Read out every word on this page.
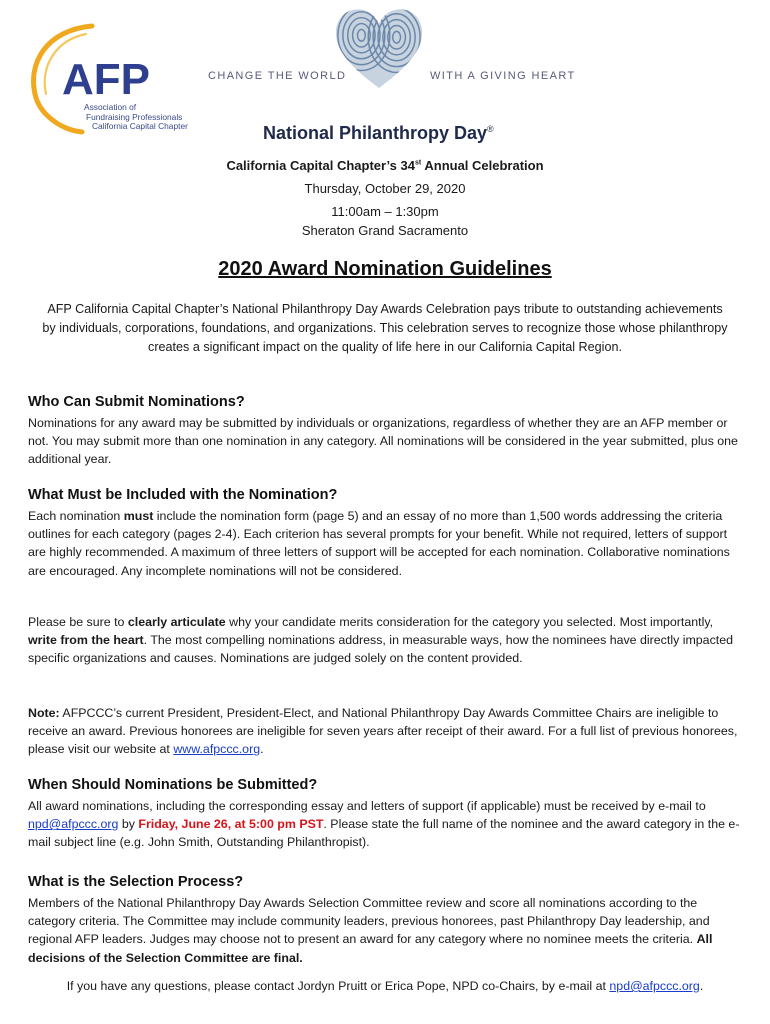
AFP
Association of
Fundraising Professionals
California Capital Chapter
CHANGE THE WORLD	WITH A GIVING HEART
National Philanthropy Day®
California Capital Chapter’s 34st Annual Celebration
Thursday, October 29, 2020
11:00am – 1:30pm
Sheraton Grand Sacramento
2020 Award Nomination Guidelines

AFP California Capital Chapter’s National Philanthropy Day Awards Celebration pays tribute to outstanding achievements by individuals, corporations, foundations, and organizations. This celebration serves to recognize those whose philanthropy creates a significant impact on the quality of life here in our California Capital Region.

Who Can Submit Nominations?

Nominations for any award may be submitted by individuals or organizations, regardless of whether they are an AFP member or not. You may submit more than one nomination in any category. All nominations will be considered in the year submitted, plus one additional year.

What Must be Included with the Nomination?

Each nomination must include the nomination form (page 5) and an essay of no more than 1,500 words addressing the criteria outlines for each category (pages 2-4). Each criterion has several prompts for your benefit. While not required, letters of support are highly recommended. A maximum of three letters of support will be accepted for each nomination. Collaborative nominations are encouraged. Any incomplete nominations will not be considered.

Please be sure to clearly articulate why your candidate merits consideration for the category you selected. Most importantly, write from the heart. The most compelling nominations address, in measurable ways, how the nominees have directly impacted specific organizations and causes. Nominations are judged solely on the content provided.

Note: AFPCCC’s current President, President-Elect, and National Philanthropy Day Awards Committee Chairs are ineligible to receive an award. Previous honorees are ineligible for seven years after receipt of their award. For a full list of previous honorees, please visit our website at www.afpccc.org.

When Should Nominations be Submitted?

All award nominations, including the corresponding essay and letters of support (if applicable) must be received by e-mail to npd@afpccc.org by Friday, June 26, at 5:00 pm PST. Please state the full name of the nominee and the award category in the e-mail subject line (e.g. John Smith, Outstanding Philanthropist).

What is the Selection Process?

Members of the National Philanthropy Day Awards Selection Committee review and score all nominations according to the category criteria. The Committee may include community leaders, previous honorees, past Philanthropy Day leadership, and regional AFP leaders. Judges may choose not to present an award for any category where no nominee meets the criteria. All decisions of the Selection Committee are final.

If you have any questions, please contact Jordyn Pruitt or Erica Pope, NPD co-Chairs, by e-mail at npd@afpccc.org.
